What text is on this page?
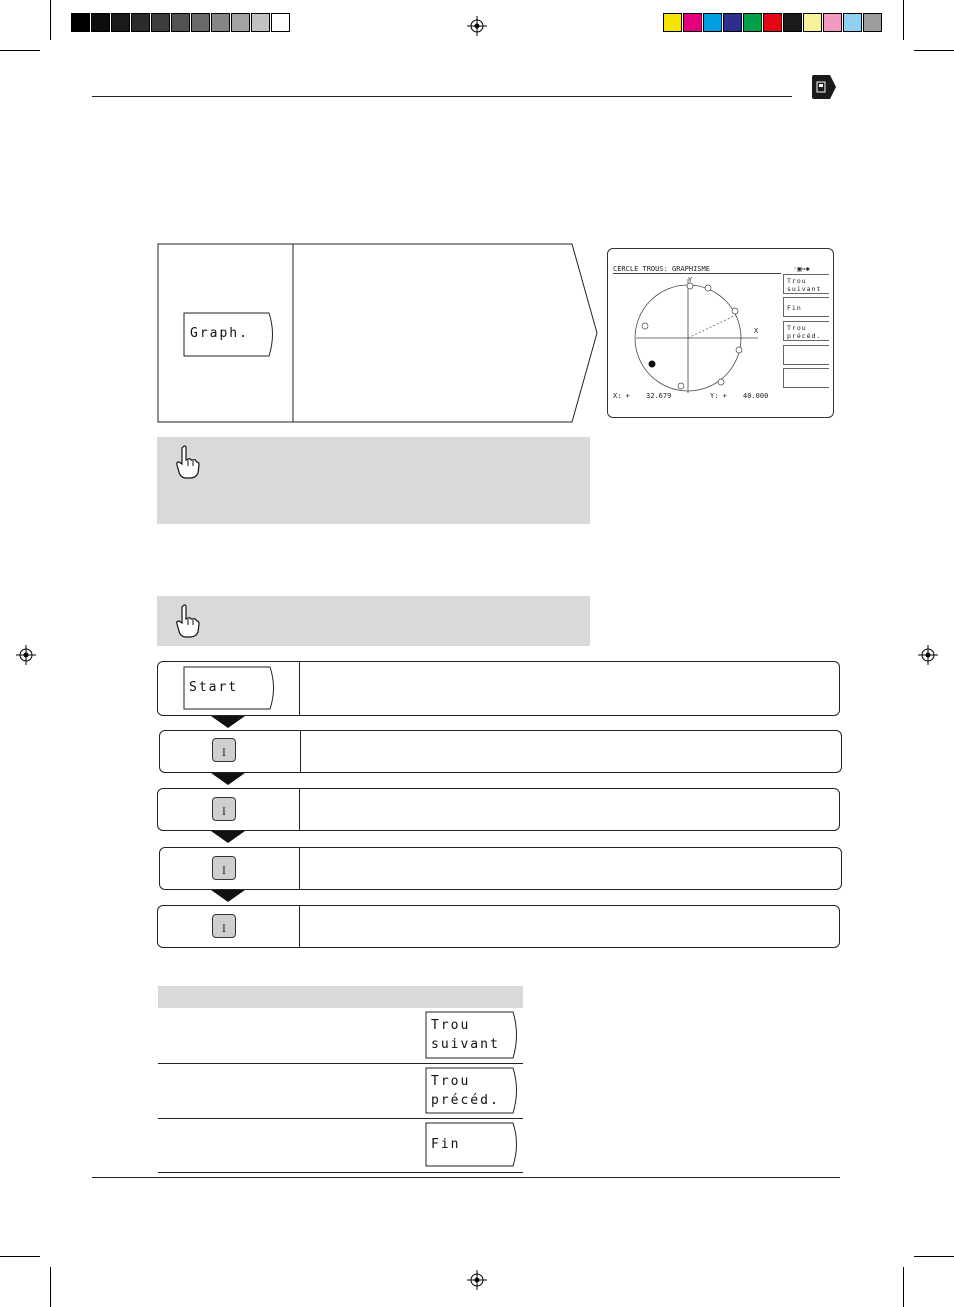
Graph.
CERCLE TROUS: GRAPHISME	◦▣⇒✱
Y
X
X: + 32.679	Y: + 40.000
Trou
suivant
Fin
Trou
précéd.
Start
I
I
I
I
Trou
suivant
Trou
précéd.
Fin
